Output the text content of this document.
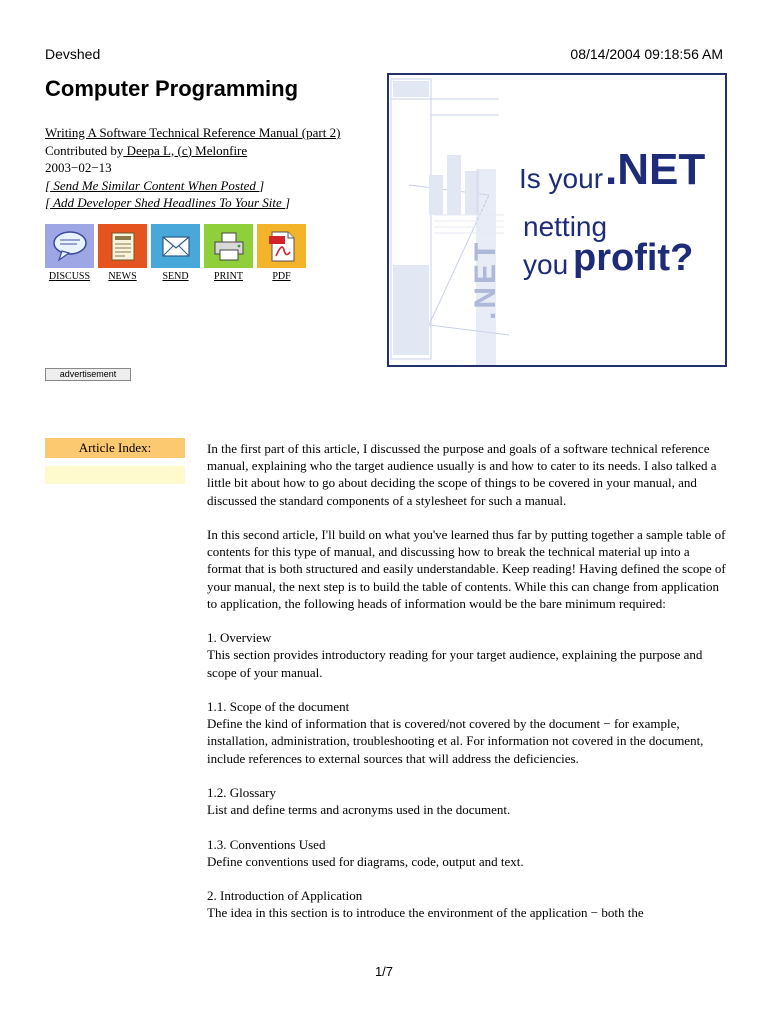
Devshed	08/14/2004 09:18:56 AM
Computer Programming
Writing A Software Technical Reference Manual (part 2)
Contributed by Deepa L, (c) Melonfire
2003−02−13
[ Send Me Similar Content When Posted ]
[ Add Developer Shed Headlines To Your Site ]
DISCUSS NEWS	SEND	PRINT	PDF	.NET
Is your .NET
netting
you profit?
advertisement
Article Index:	In the first part of this article, I discussed the purpose and goals of a software technical reference manual, explaining who the target audience usually is and how to cater to its needs. I also talked a little bit about how to go about deciding the scope of things to be covered in your manual, and discussed the standard components of a stylesheet for such a manual.

In this second article, I'll build on what you've learned thus far by putting together a sample table of contents for this type of manual, and discussing how to break the technical material up into a format that is both structured and easily understandable. Keep reading! Having defined the scope of your manual, the next step is to build the table of contents. While this can change from application to application, the following heads of information would be the bare minimum required:

1. Overview
This section provides introductory reading for your target audience, explaining the purpose and scope of your manual.

1.1. Scope of the document
Define the kind of information that is covered/not covered by the document − for example, installation, administration, troubleshooting et al. For information not covered in the document, include references to external sources that will address the deficiencies.

1.2. Glossary
List and define terms and acronyms used in the document.

1.3. Conventions Used
Define conventions used for diagrams, code, output and text.

2. Introduction of Application
The idea in this section is to introduce the environment of the application − both the

1/7
